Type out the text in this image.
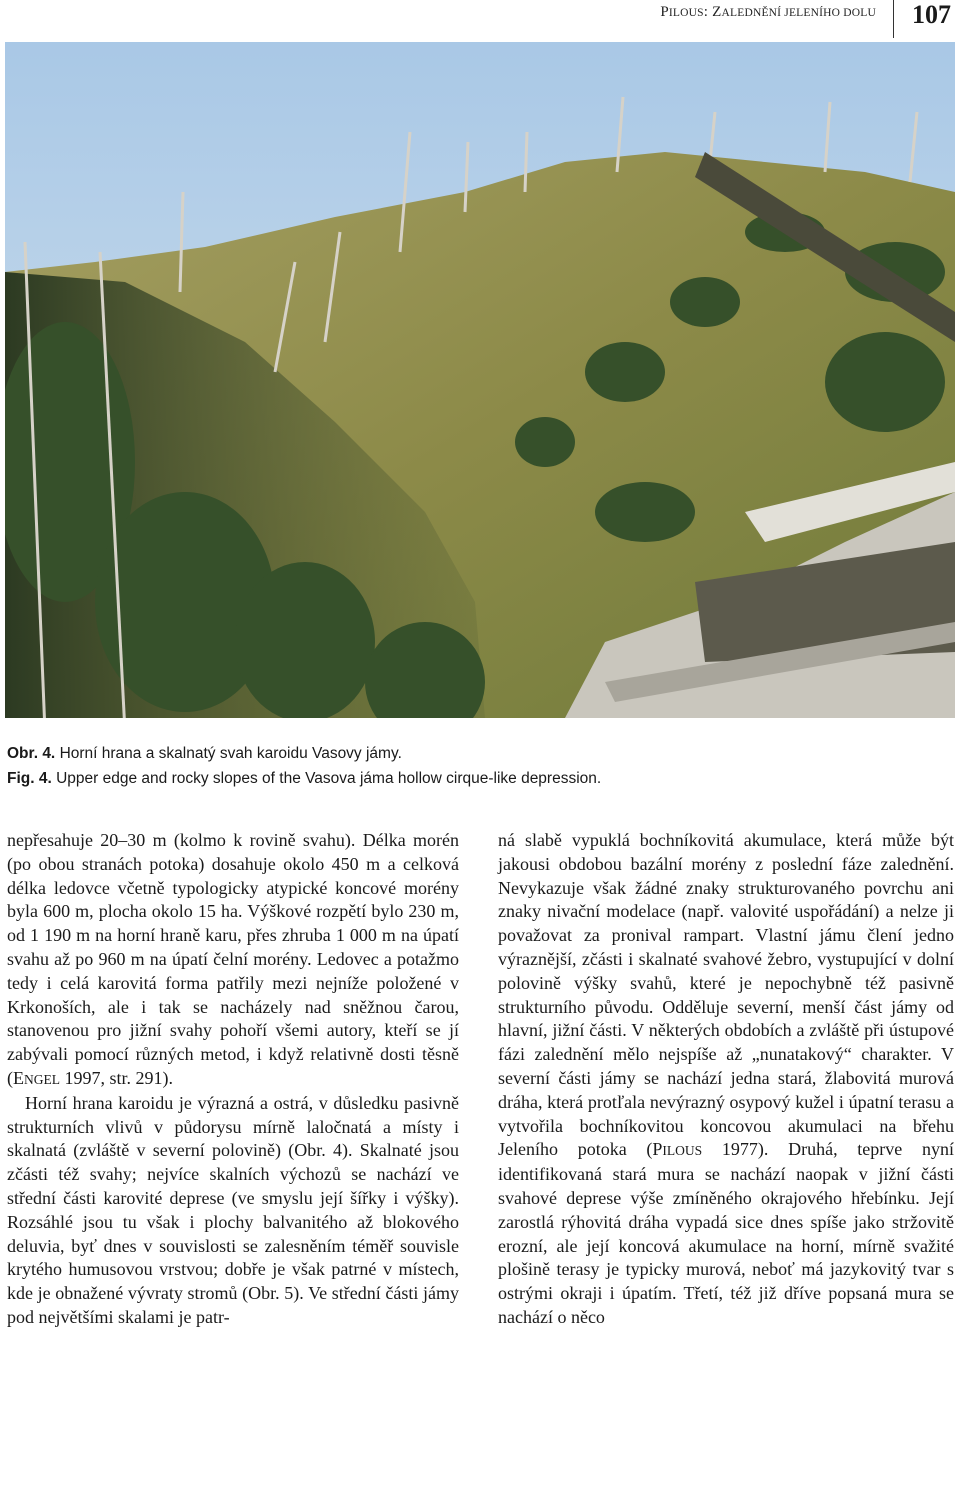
PILOUS: ZALEDNĚNÍ JELENÍHO DOLU 107
Obr. 4. Horní hrana a skalnatý svah karoidu Vasovy jámy.
Fig. 4. Upper edge and rocky slopes of the Vasova jáma hollow cirque-like depression.

nepřesahuje 20–30 m (kolmo k rovině svahu). Délka morén (po obou stranách potoka) dosahuje okolo 450 m a celková délka ledovce včetně typologicky atypické koncové morény byla 600 m, plocha okolo 15 ha. Výškové rozpětí bylo 230 m, od 1 190 m na horní hraně karu, přes zhruba 1 000 m na úpatí svahu až po 960 m na úpatí čelní morény. Ledovec a potažmo tedy i celá karovitá forma patřily mezi nejníže položené v Krkonoších, ale i tak se nacházely nad sněžnou čarou, stanovenou pro jižní svahy pohoří všemi autory, kteří se jí zabývali pomocí různých metod, i když relativně dosti těsně (ENGEL 1997, str. 291).

Horní hrana karoidu je výrazná a ostrá, v důsledku pasivně strukturních vlivů v půdorysu mírně laločnatá a místy i skalnatá (zvláště v severní polovině) (Obr. 4). Skalnaté jsou zčásti též svahy; nejvíce skalních výchozů se nachází ve střední části karovité deprese (ve smyslu její šířky i výšky). Rozsáhlé jsou tu však i plochy balvanitého až blokového deluvia, byť dnes v souvislosti se zalesněním téměř souvisle krytého humusovou vrstvou; dobře je však patrné v místech, kde je obnažené vývraty stromů (Obr. 5). Ve střední části jámy pod největšími skalami je patr-

ná slabě vypuklá bochníkovitá akumulace, která může být jakousi obdobou bazální morény z poslední fáze zalednění. Nevykazuje však žádné znaky strukturovaného povrchu ani znaky nivační modelace (např. valovité uspořádání) a nelze ji považovat za pronival rampart. Vlastní jámu člení jedno výraznější, zčásti i skalnaté svahové žebro, vystupující v dolní polovině výšky svahů, které je nepochybně též pasivně strukturního původu. Odděluje severní, menší část jámy od hlavní, jižní části. V některých obdobích a zvláště při ústupové fázi zalednění mělo nejspíše až „nunatakový“ charakter. V severní části jámy se nachází jedna stará, žlabovitá murová dráha, která protľala nevýrazný osypový kužel i úpatní terasu a vytvořila bochníkovitou koncovou akumulaci na břehu Jeleního potoka (PILOUS 1977). Druhá, teprve nyní identifikovaná stará mura se nachází naopak v jižní části svahové deprese výše zmíněného okrajového hřebínku. Její zarostlá rýhovitá dráha vypadá sice dnes spíše jako stržovitě erozní, ale její koncová akumulace na horní, mírně svažité plošině terasy je typicky murová, neboť má jazykovitý tvar s ostrými okraji i úpatím. Třetí, též již dříve popsaná mura se nachází o něco
